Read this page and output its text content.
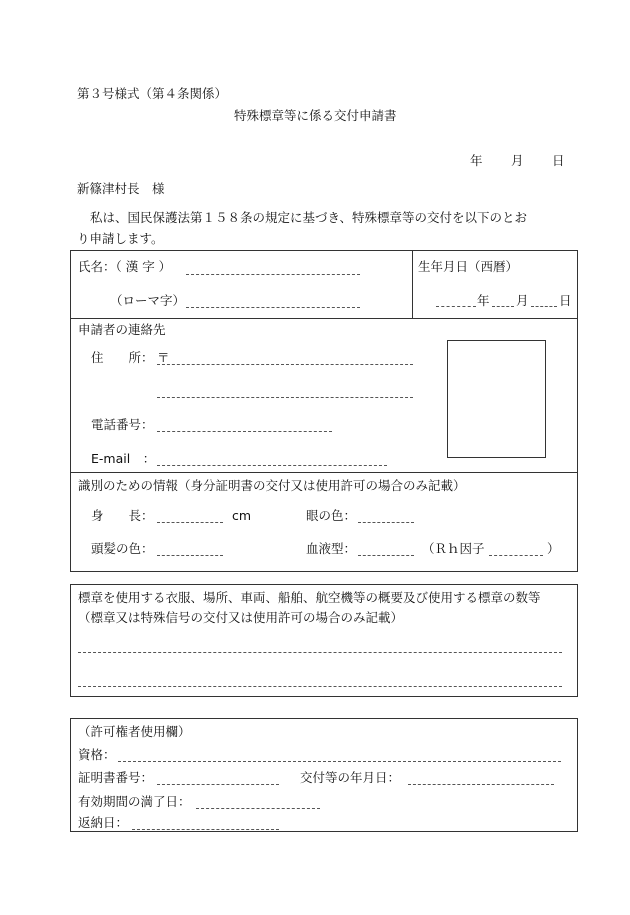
第３号様式（第４条関係）
特殊標章等に係る交付申請書
年 月 日
新篠津村長　様
私は、国民保護法第１５８条の規定に基づき、特殊標章等の交付を以下のとお
り申請します。
氏名：（ 漢 字 ）
（ローマ字）
生年月日（西暦）
年 月 日
申請者の連絡先
住　　所： 〒
電話番号：
E-mail　：
識別のための情報（身分証明書の交付又は使用許可の場合のみ記載）
身　　長：	cm	眼の色：
頭髪の色：	血液型：	（Ｒｈ因子	）
標章を使用する衣服、場所、車両、船舶、航空機等の概要及び使用する標章の数等
（標章又は特殊信号の交付又は使用許可の場合のみ記載）
（許可権者使用欄）
資格：
証明書番号：	交付等の年月日：
有効期間の満了日：
返納日：
